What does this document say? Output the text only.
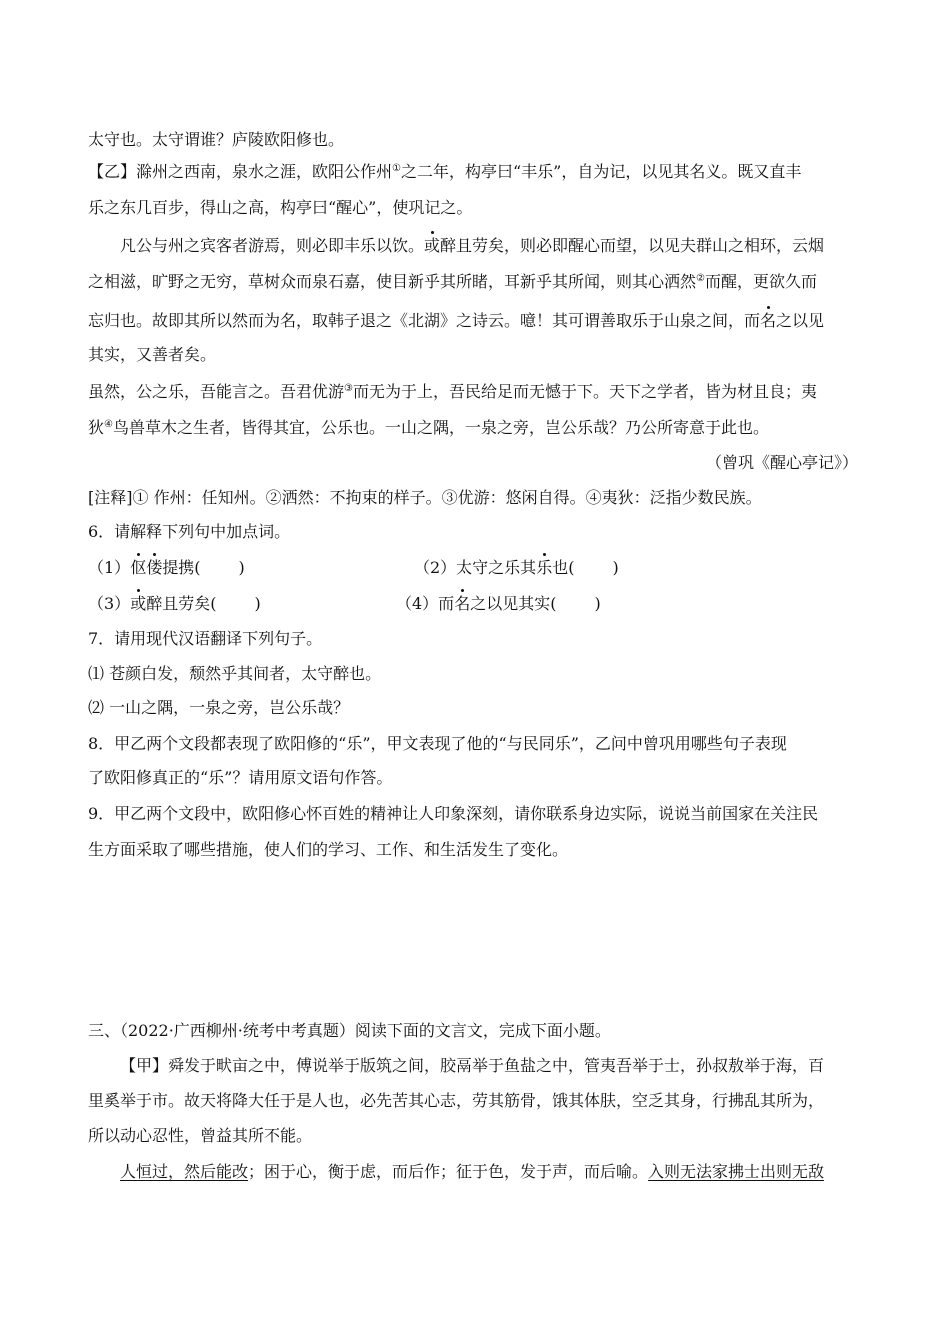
太守也。太守谓谁？庐陵欧阳修也。
【乙】滁州之西南，泉水之涯，欧阳公作州①之二年，构亭曰“丰乐”，自为记，以见其名义。既又直丰
乐之东几百步，得山之高，构亭曰“醒心”，使巩记之。
凡公与州之宾客者游焉，则必即丰乐以饮。或醉且劳矣，则必即醒心而望，以见夫群山之相环，云烟
之相滋，旷野之无穷，草树众而泉石嘉，使目新乎其所睹，耳新乎其所闻，则其心洒然②而醒，更欲久而
忘归也。故即其所以然而为名，取韩子退之《北湖》之诗云。噫！其可谓善取乐于山泉之间，而名之以见
其实，又善者矣。
虽然，公之乐，吾能言之。吾君优游③而无为于上，吾民给足而无憾于下。天下之学者，皆为材且良；夷
狄④鸟兽草木之生者，皆得其宜，公乐也。一山之隅，一泉之旁，岂公乐哉？乃公所寄意于此也。
（曾巩《醒心亭记》）
[注释]① 作州：任知州。②洒然：不拘束的样子。③优游：悠闲自得。④夷狄：泛指少数民族。
6．请解释下列句中加点词。
（1）伛偻提携( )	（2）太守之乐其乐也( )
（3）或醉且劳矣( )	（4）而名之以见其实( )
7．请用现代汉语翻译下列句子。
⑴ 苍颜白发，颓然乎其间者，太守醉也。
⑵ 一山之隅，一泉之旁，岂公乐哉？
8．甲乙两个文段都表现了欧阳修的“乐”，甲文表现了他的“与民同乐”，乙问中曾巩用哪些句子表现
了欧阳修真正的“乐”？请用原文语句作答。
9．甲乙两个文段中，欧阳修心怀百姓的精神让人印象深刻，请你联系身边实际，说说当前国家在关注民
生方面采取了哪些措施，使人们的学习、工作、和生活发生了变化。
三、（2022·广西柳州·统考中考真题）阅读下面的文言文，完成下面小题。
【甲】舜发于畎亩之中，傅说举于版筑之间，胶鬲举于鱼盐之中，管夷吾举于士，孙叔敖举于海，百
里奚举于市。故天将降大任于是人也，必先苦其心志，劳其筋骨，饿其体肤，空乏其身，行拂乱其所为，
所以动心忍性，曾益其所不能。
人恒过，然后能改；困于心，衡于虑，而后作；征于色，发于声，而后喻。入则无法家拂士出则无敌
